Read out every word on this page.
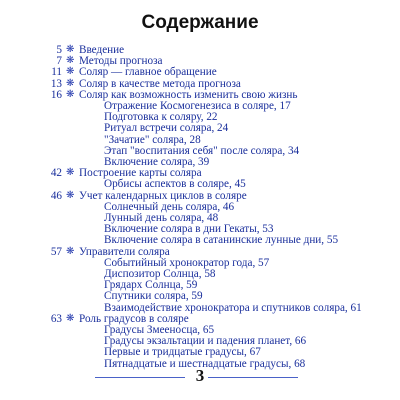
Содержание
5 ❋ Введение
7 ❋ Методы прогноза
11 ❋ Соляр — главное обращение
13 ❋ Соляр в качестве метода прогноза
16 ❋ Соляр как возможность изменить свою жизнь
Отражение Космогенезиса в соляре, 17
Подготовка к соляру, 22
Ритуал встречи соляра, 24
"Зачатие" соляра, 28
Этап "воспитания себя" после соляра, 34
Включение соляра, 39
42 ❋ Построение карты соляра
Орбисы аспектов в соляре, 45
46 ❋ Учет календарных циклов в соляре
Солнечный день соляра, 46
Лунный день соляра, 48
Включение соляра в дни Гекаты, 53
Включение соляра в сатанинские лунные дни, 55
57 ❋ Управители соляра
Событийный хронократор года, 57
Диспозитор Солнца, 58
Грядарх Солнца, 59
Спутники соляра, 59
Взаимодействие хронократора и спутников соляра, 61
63 ❋ Роль градусов в соляре
Градусы Змееносца, 65
Градусы экзальтации и падения планет, 66
Первые и тридцатые градусы, 67
Пятнадцатые и шестнадцатые градусы, 68
3
